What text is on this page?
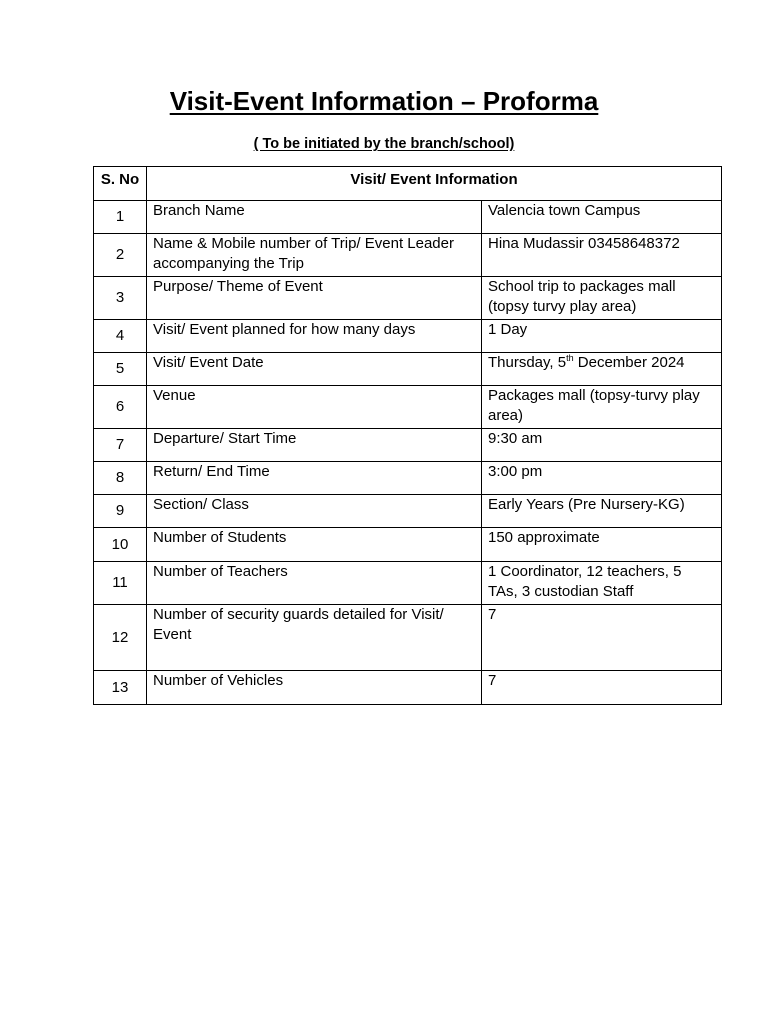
Visit-Event Information – Proforma
( To be initiated by the branch/school)
S. No	Visit/ Event Information	
1	Branch Name	Valencia town Campus
2	Name & Mobile number of Trip/ Event Leader accompanying the Trip	Hina Mudassir 03458648372
3	Purpose/ Theme of Event	School trip to packages mall (topsy turvy play area)
4	Visit/ Event planned for how many days	1 Day
5	Visit/ Event Date	Thursday, 5th December 2024
6	Venue	Packages mall (topsy-turvy play area)
7	Departure/ Start Time	9:30 am
8	Return/ End Time	3:00 pm
9	Section/ Class	Early Years (Pre Nursery-KG)
10	Number of Students	150 approximate
11	Number of Teachers	1 Coordinator, 12 teachers, 5 TAs, 3 custodian Staff
12	Number of security guards detailed for Visit/ Event	7
13	Number of Vehicles	7
